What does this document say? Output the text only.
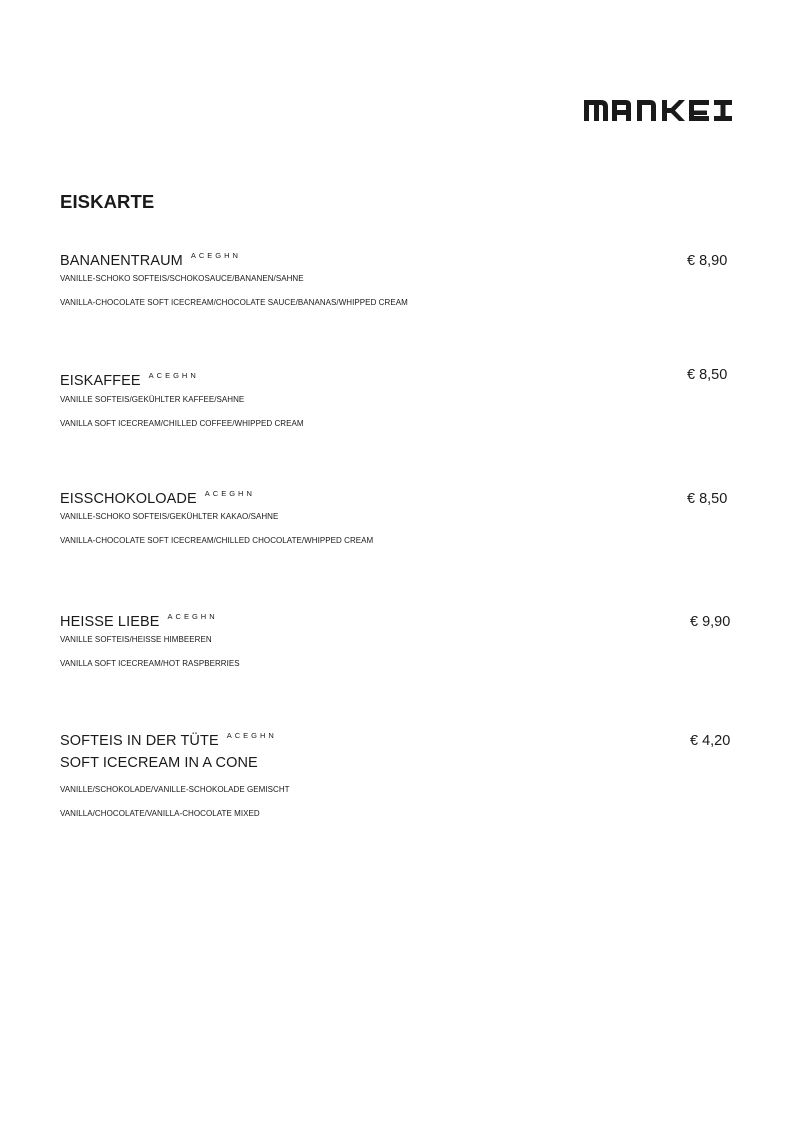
EISKARTE
BANANENTRAUM $^{ACEGHN}$	€ 8,90
VANILLE-SCHOKO SOFTEIS/SCHOKOSAUCE/BANANEN/SAHNE
VANILLA-CHOCOLATE SOFT ICECREAM/CHOCOLATE SAUCE/BANANAS/WHIPPED CREAM
EISKAFFEE $^{ACEGHN}$	€ 8,50
VANILLE SOFTEIS/GEKÜHLTER KAFFEE/SAHNE
VANILLA SOFT ICECREAM/CHILLED COFFEE/WHIPPED CREAM
EISSCHOKOLOADE $^{ACEGHN}$	€ 8,50
VANILLE-SCHOKO SOFTEIS/GEKÜHLTER KAKAO/SAHNE
VANILLA-CHOCOLATE SOFT ICECREAM/CHILLED CHOCOLATE/WHIPPED CREAM
HEISSE LIEBE $^{ACEGHN}$	€ 9,90
VANILLE SOFTEIS/HEISSE HIMBEEREN
VANILLA SOFT ICECREAM/HOT RASPBERRIES
SOFTEIS IN DER TÜTE $^{ACEGHN}$
SOFT ICECREAM IN A CONE
€ 4,20
VANILLE/SCHOKOLADE/VANILLE-SCHOKOLADE GEMISCHT
VANILLA/CHOCOLATE/VANILLA-CHOCOLATE MIXED
